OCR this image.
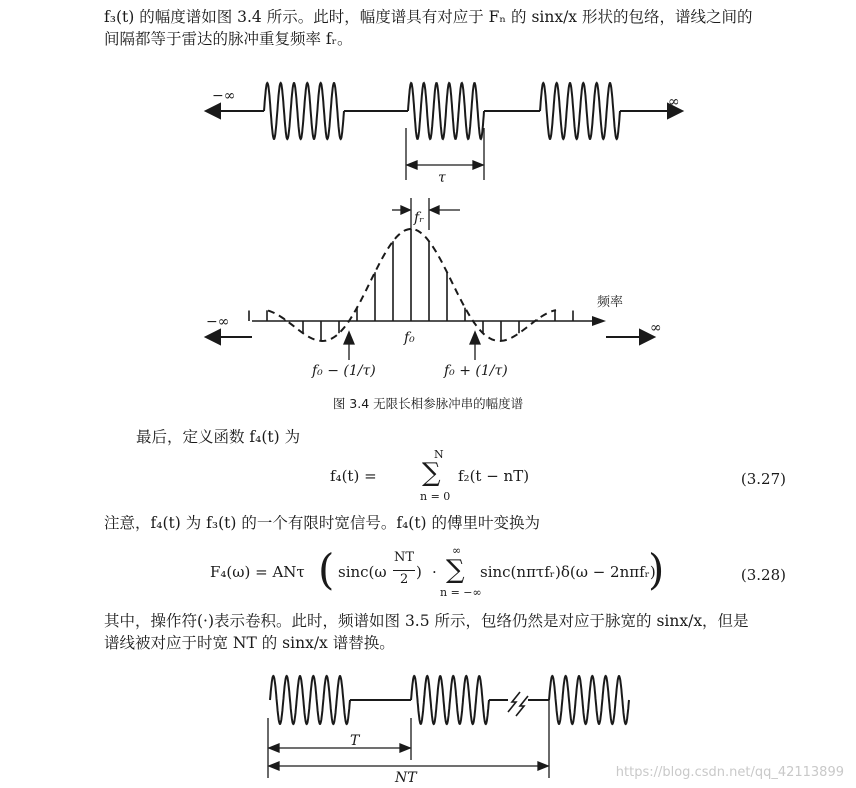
f₃(t) 的幅度谱如图 3.4 所示。此时，幅度谱具有对应于 Fₙ 的 sinx/x 形状的包络，谱线之间的
间隔都等于雷达的脉冲重复频率 fᵣ。
−∞	∞
τ
频率
−∞	∞
fᵣ
f₀
f₀ − (1/τ)	f₀ + (1/τ)
T
NT
图 3.4 无限长相参脉冲串的幅度谱
最后，定义函数 f₄(t) 为
f₄(t) =
N
∑
n = 0
f₂(t − nT)	(3.27)
注意，f₄(t) 为 f₃(t) 的一个有限时宽信号。f₄(t) 的傅里叶变换为
F₄(ω) = ANτ ( sinc(ω
NT
2 ) ·
∞
∑
n = −∞
sinc(nπτfᵣ)δ(ω − 2nπfᵣ)
)	(3.28)
其中，操作符(·)表示卷积。此时，频谱如图 3.5 所示，包络仍然是对应于脉宽的 sinx/x，但是
谱线被对应于时宽 NT 的 sinx/x 谱替换。
https://blog.csdn.net/qq_42113899
